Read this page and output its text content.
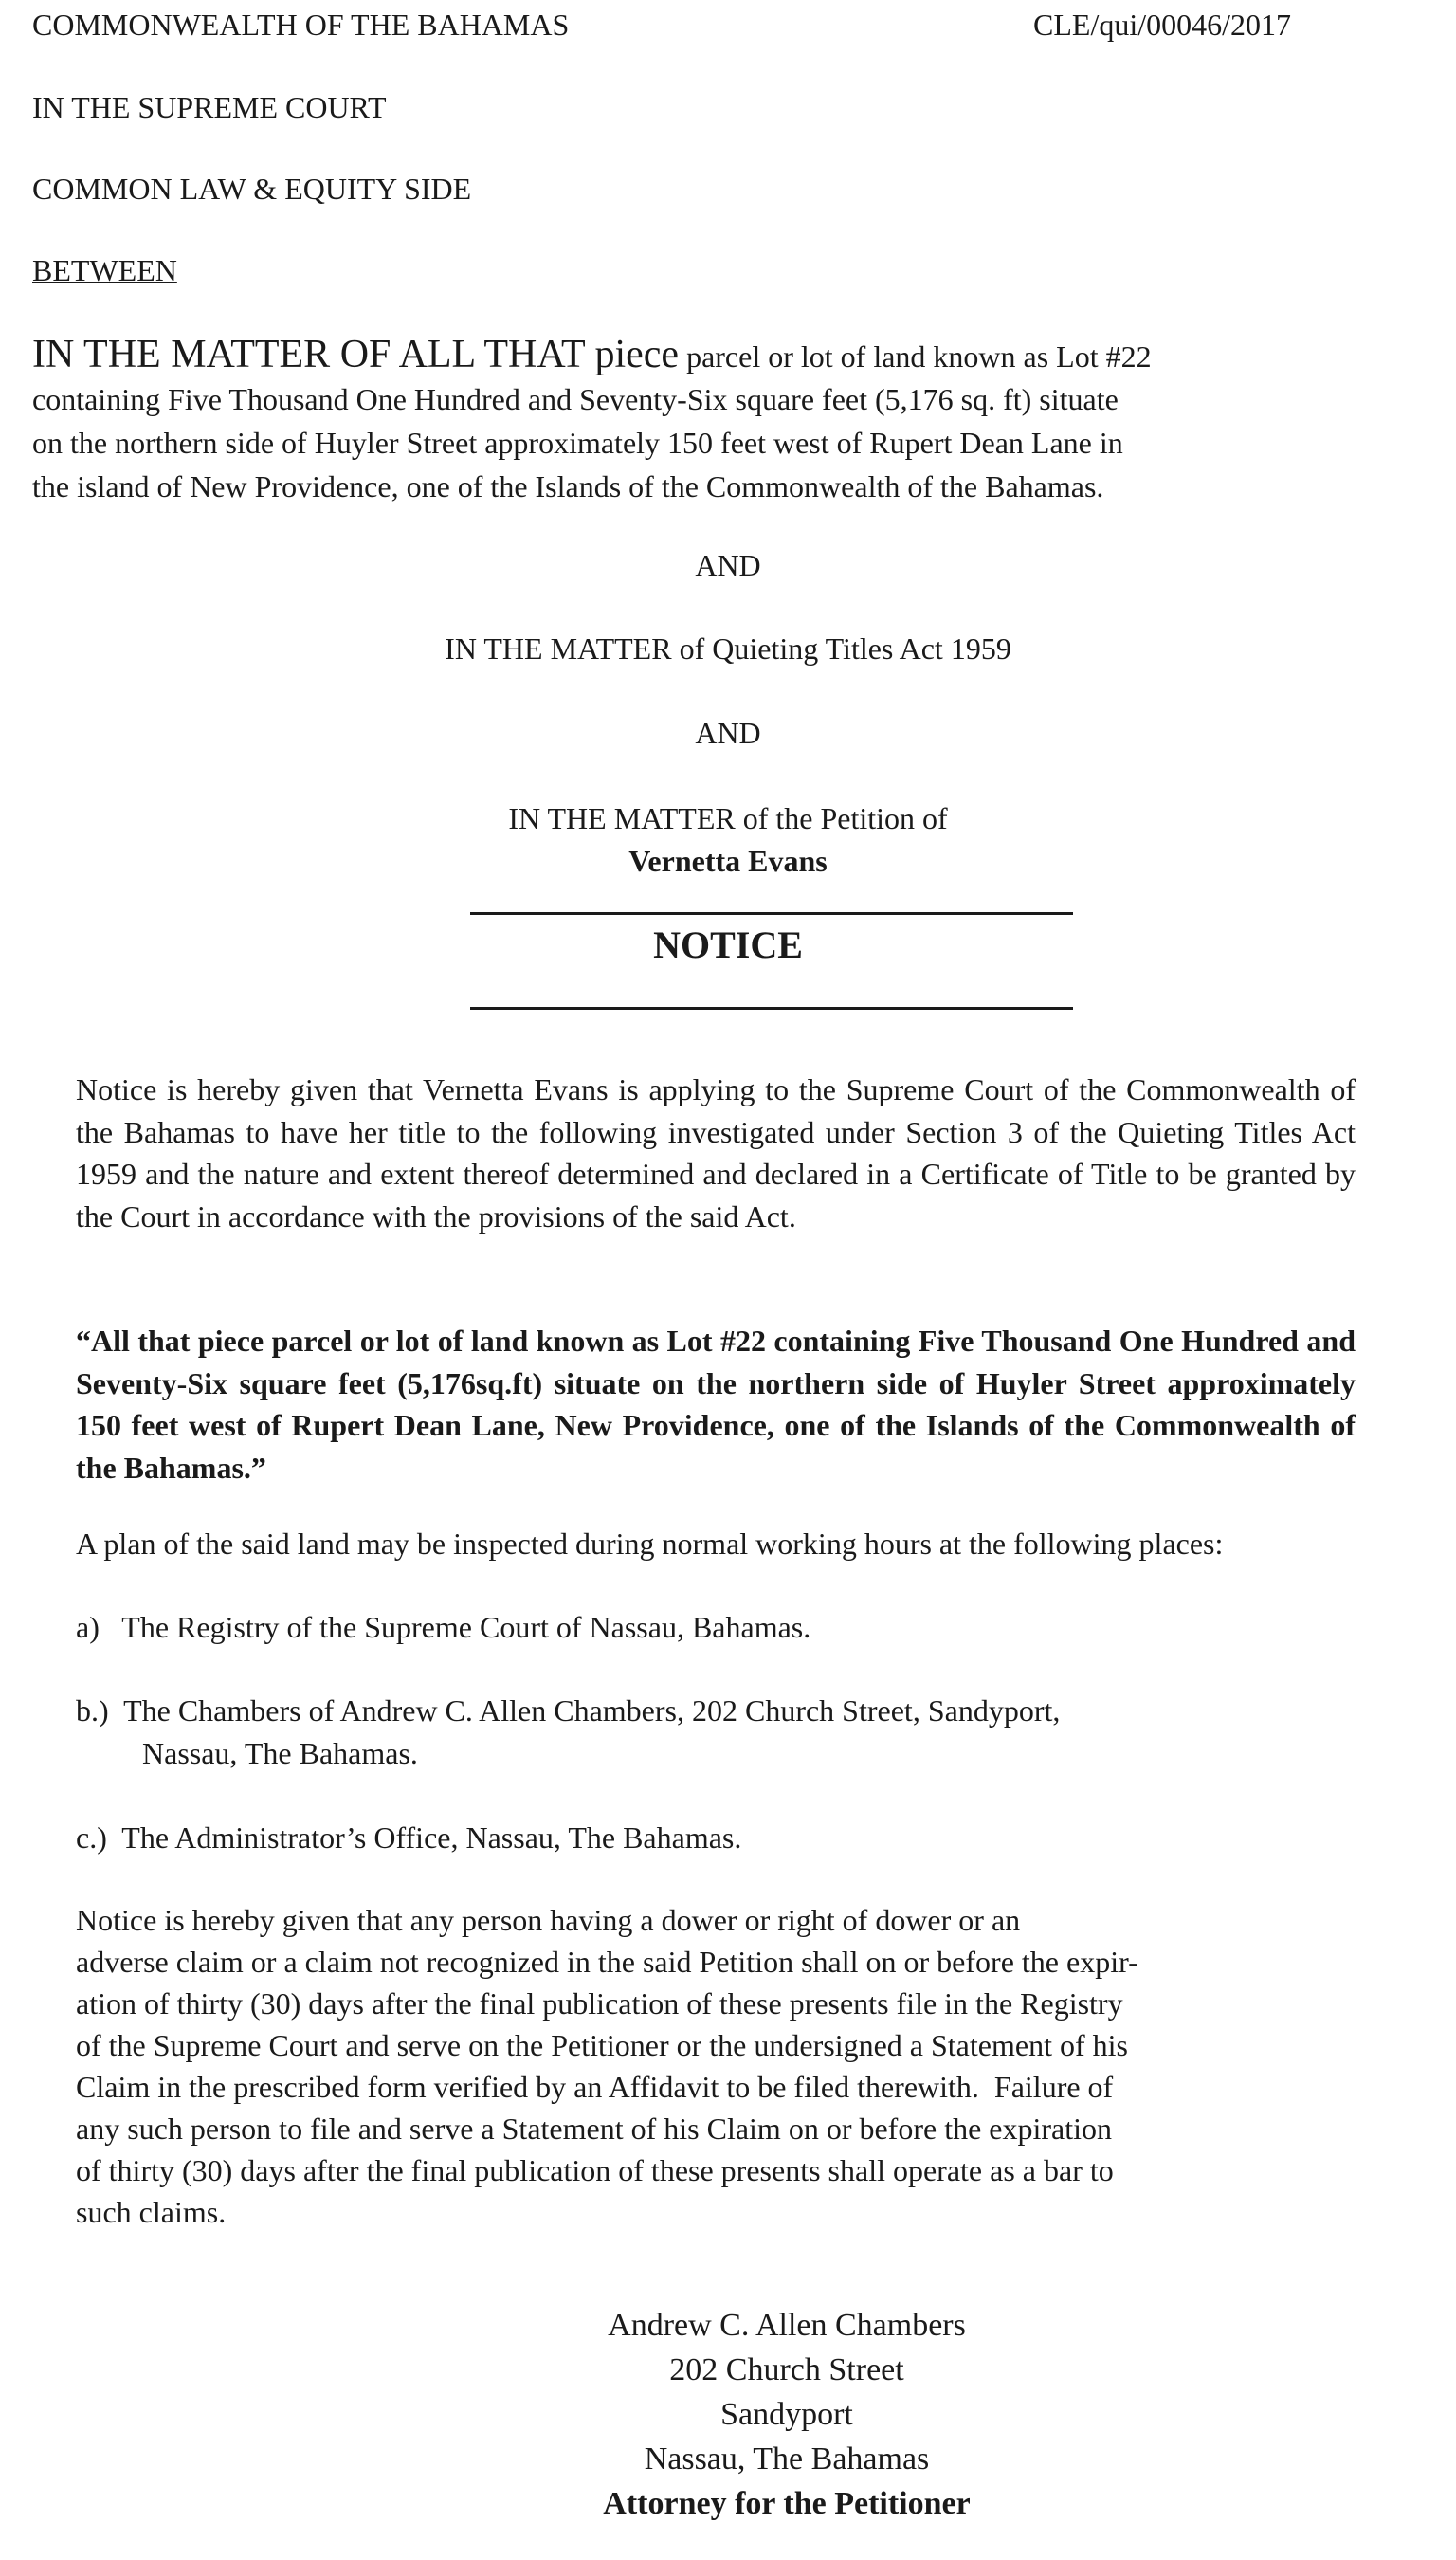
COMMONWEALTH OF THE BAHAMAS	CLE/qui/00046/2017
IN THE SUPREME COURT
COMMON LAW & EQUITY SIDE
BETWEEN
IN THE MATTER OF ALL THAT piece parcel or lot of land known as Lot #22
containing Five Thousand One Hundred and Seventy-Six square feet (5,176 sq. ft) situate
on the northern side of Huyler Street approximately 150 feet west of Rupert Dean Lane in
the island of New Providence, one of the Islands of the Commonwealth of the Bahamas.
AND
IN THE MATTER of Quieting Titles Act 1959
AND
IN THE MATTER of the Petition of
Vernetta Evans
NOTICE
Notice is hereby given that Vernetta Evans is applying to the Supreme Court of the Commonwealth of the Bahamas to have her title to the following investigated under Section 3 of the Quieting Titles Act 1959 and the nature and extent thereof determined and declared in a Certificate of Title to be granted by the Court in accordance with the provisions of the said Act.
“All that piece parcel or lot of land known as Lot #22 containing Five Thousand One Hundred and Seventy-Six square feet (5,176sq.ft) situate on the northern side of Huyler Street approximately 150 feet west of Rupert Dean Lane, New Providence, one of the Islands of the Commonwealth of the Bahamas.”
A plan of the said land may be inspected during normal working hours at the following places:
a)   The Registry of the Supreme Court of Nassau, Bahamas.
b.)  The Chambers of Andrew C. Allen Chambers, 202 Church Street, Sandyport,
Nassau, The Bahamas.
c.)  The Administrator’s Office, Nassau, The Bahamas.
Notice is hereby given that any person having a dower or right of dower or an
adverse claim or a claim not recognized in the said Petition shall on or before the expir-
ation of thirty (30) days after the final publication of these presents file in the Registry
of the Supreme Court and serve on the Petitioner or the undersigned a Statement of his
Claim in the prescribed form verified by an Affidavit to be filed therewith.  Failure of
any such person to file and serve a Statement of his Claim on or before the expiration
of thirty (30) days after the final publication of these presents shall operate as a bar to
such claims.
Andrew C. Allen Chambers
202 Church Street
Sandyport
Nassau, The Bahamas
Attorney for the Petitioner
